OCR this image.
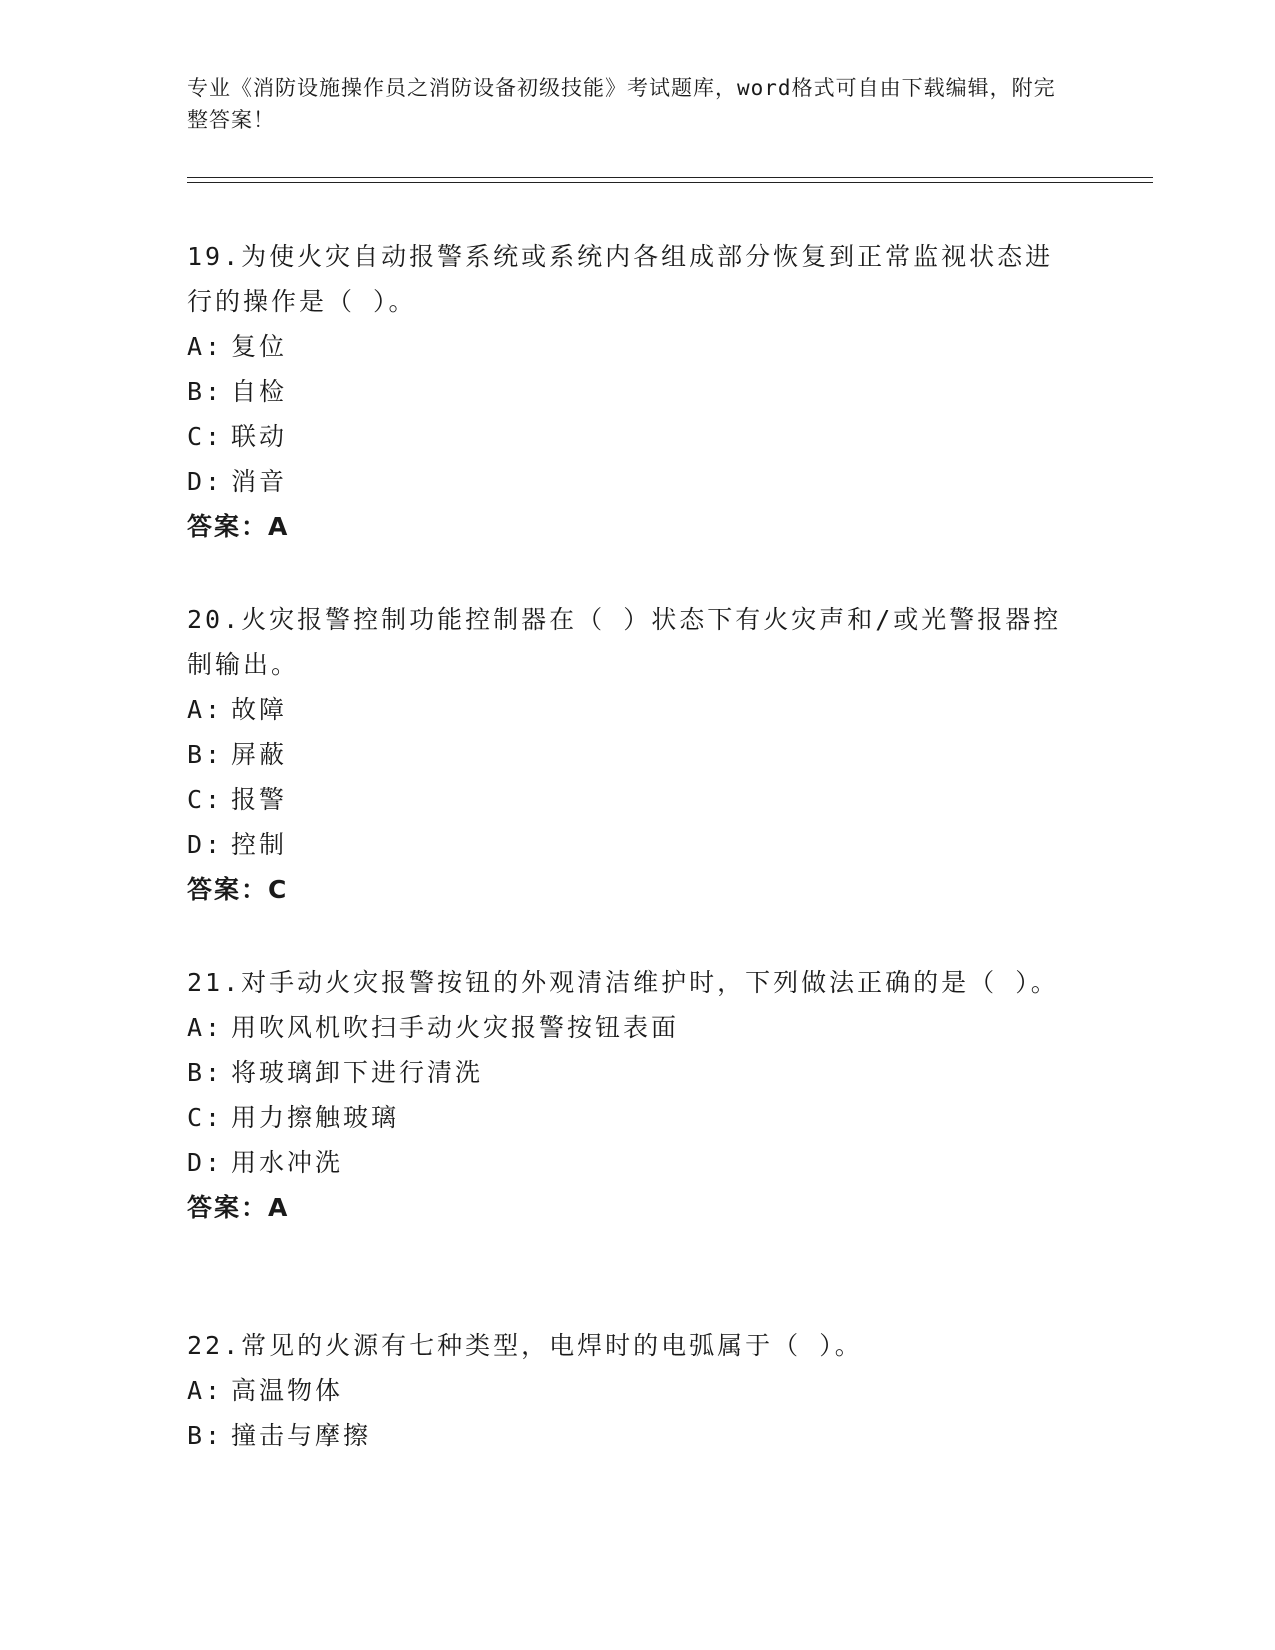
专业《消防设施操作员之消防设备初级技能》考试题库，word格式可自由下载编辑，附完整答案！
19.为使火灾自动报警系统或系统内各组成部分恢复到正常监视状态进行的操作是（ ）。
A: 复位
B: 自检
C: 联动
D: 消音
答案：A
20.火灾报警控制功能控制器在（ ）状态下有火灾声和/或光警报器控制输出。
A: 故障
B: 屏蔽
C: 报警
D: 控制
答案：C
21.对手动火灾报警按钮的外观清洁维护时，下列做法正确的是（ ）。
A: 用吹风机吹扫手动火灾报警按钮表面
B: 将玻璃卸下进行清洗
C: 用力擦触玻璃
D: 用水冲洗
答案：A
22.常见的火源有七种类型，电焊时的电弧属于（ ）。
A: 高温物体
B: 撞击与摩擦
